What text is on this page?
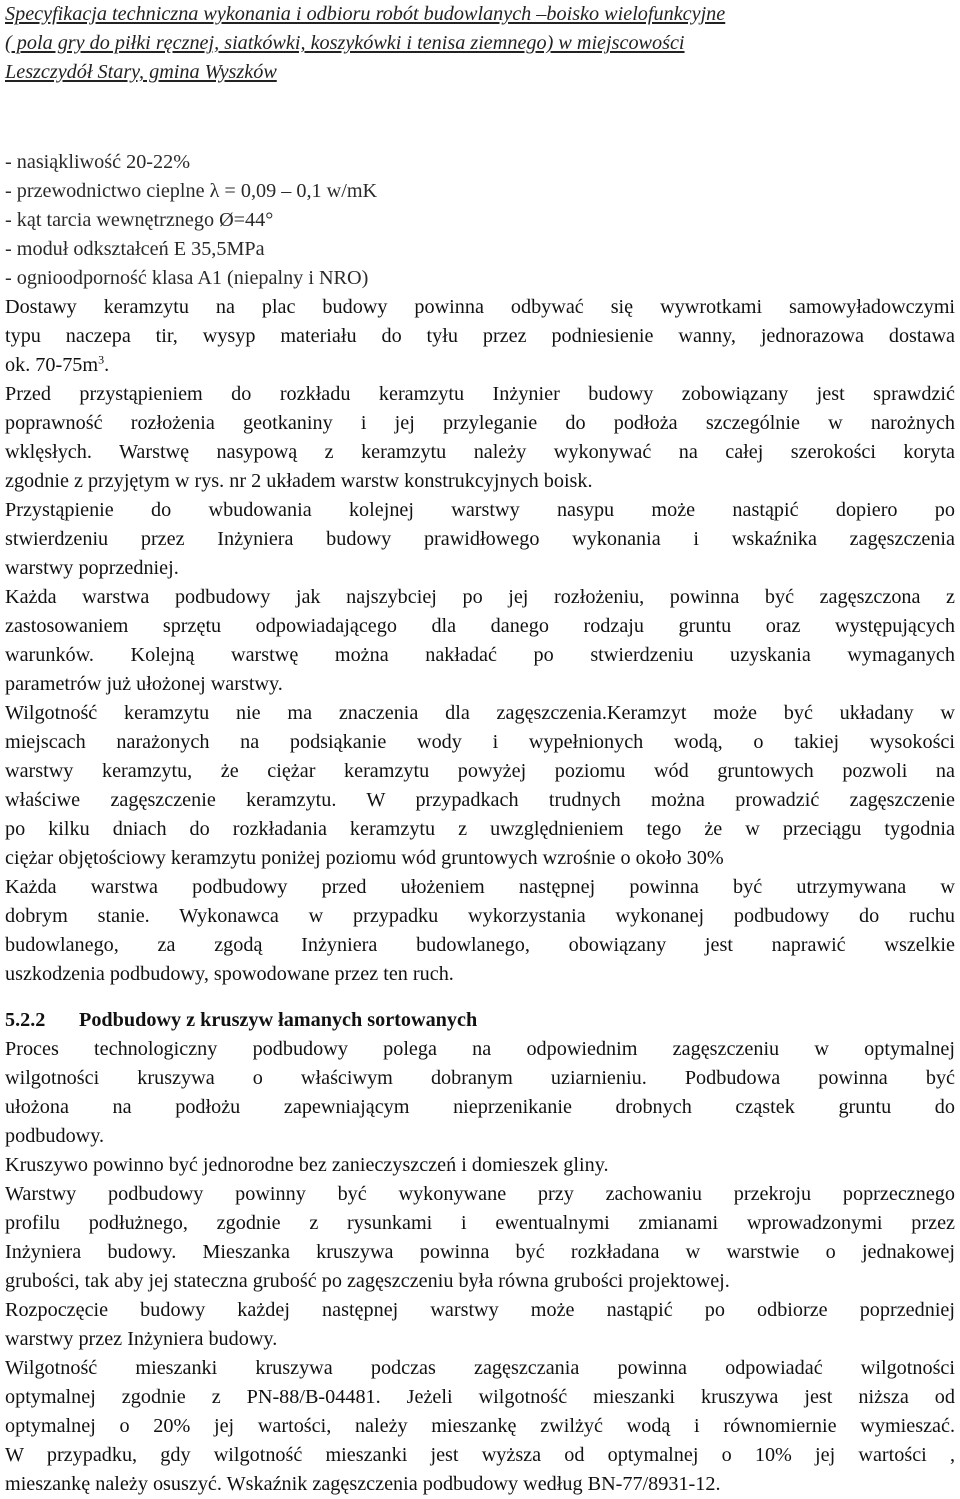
Specyfikacja techniczna wykonania i odbioru robót budowlanych –boisko wielofunkcyjne
( pola gry do piłki ręcznej, siatkówki, koszykówki i tenisa ziemnego) w miejscowości
Leszczydół Stary, gmina Wyszków
- nasiąkliwość 20-22%
- przewodnictwo cieplne λ = 0,09 – 0,1 w/mK
- kąt tarcia wewnętrznego Ø=44°
- moduł odkształceń E 35,5MPa
- ognioodporność klasa A1 (niepalny i NRO)
Dostawy keramzytu na plac budowy powinna odbywać się wywrotkami samowyładowczymi
typu naczepa tir, wysyp materiału do tyłu przez podniesienie wanny, jednorazowa dostawa
ok. $70-75m^3$.
Przed przystąpieniem do rozkładu keramzytu Inżynier budowy zobowiązany jest sprawdzić
poprawność rozłożenia geotkaniny i jej przyleganie do podłoża szczególnie w narożnych
wklęsłych. Warstwę nasypową z keramzytu należy wykonywać na całej szerokości koryta
zgodnie z przyjętym w rys. nr 2 układem warstw konstrukcyjnych boisk.
Przystąpienie do wbudowania kolejnej warstwy nasypu może nastąpić dopiero po
stwierdzeniu przez Inżyniera budowy prawidłowego wykonania i wskaźnika zagęszczenia
warstwy poprzedniej.
Każda warstwa podbudowy jak najszybciej po jej rozłożeniu, powinna być zagęszczona z
zastosowaniem sprzętu odpowiadającego dla danego rodzaju gruntu oraz występujących
warunków. Kolejną warstwę można nakładać po stwierdzeniu uzyskania wymaganych
parametrów już ułożonej warstwy.
Wilgotność keramzytu nie ma znaczenia dla zagęszczenia.Keramzyt może być układany w
miejscach narażonych na podsiąkanie wody i wypełnionych wodą, o takiej wysokości
warstwy keramzytu, że ciężar keramzytu powyżej poziomu wód gruntowych pozwoli na
właściwe zagęszczenie keramzytu. W przypadkach trudnych można prowadzić zagęszczenie
po kilku dniach do rozkładania keramzytu z uwzględnieniem tego że w przeciągu tygodnia
ciężar objętościowy keramzytu poniżej poziomu wód gruntowych wzrośnie o około 30%
Każda warstwa podbudowy przed ułożeniem następnej powinna być utrzymywana w
dobrym stanie. Wykonawca w przypadku wykorzystania wykonanej podbudowy do ruchu
budowlanego, za zgodą Inżyniera budowlanego, obowiązany jest naprawić wszelkie
uszkodzenia podbudowy, spowodowane przez ten ruch.
5.2.2 Podbudowy z kruszyw łamanych sortowanych
Proces technologiczny podbudowy polega na odpowiednim zagęszczeniu w optymalnej
wilgotności kruszywa o właściwym dobranym uziarnieniu. Podbudowa powinna być
ułożona na podłożu zapewniającym nieprzenikanie drobnych cząstek gruntu do
podbudowy.
Kruszywo powinno być jednorodne bez zanieczyszczeń i domieszek gliny.
Warstwy podbudowy powinny być wykonywane przy zachowaniu przekroju poprzecznego
profilu podłużnego, zgodnie z rysunkami i ewentualnymi zmianami wprowadzonymi przez
Inżyniera budowy. Mieszanka kruszywa powinna być rozkładana w warstwie o jednakowej
grubości, tak aby jej stateczna grubość po zagęszczeniu była równa grubości projektowej.
Rozpoczęcie budowy każdej następnej warstwy może nastąpić po odbiorze poprzedniej
warstwy przez Inżyniera budowy.
Wilgotność mieszanki kruszywa podczas zagęszczania powinna odpowiadać wilgotności
optymalnej zgodnie z PN-88/B-04481. Jeżeli wilgotność mieszanki kruszywa jest niższa od
optymalnej o 20% jej wartości, należy mieszankę zwilżyć wodą i równomiernie wymieszać.
W przypadku, gdy wilgotność mieszanki jest wyższa od optymalnej o 10% jej wartości ,
mieszankę należy osuszyć. Wskaźnik zagęszczenia podbudowy według BN-77/8931-12.
